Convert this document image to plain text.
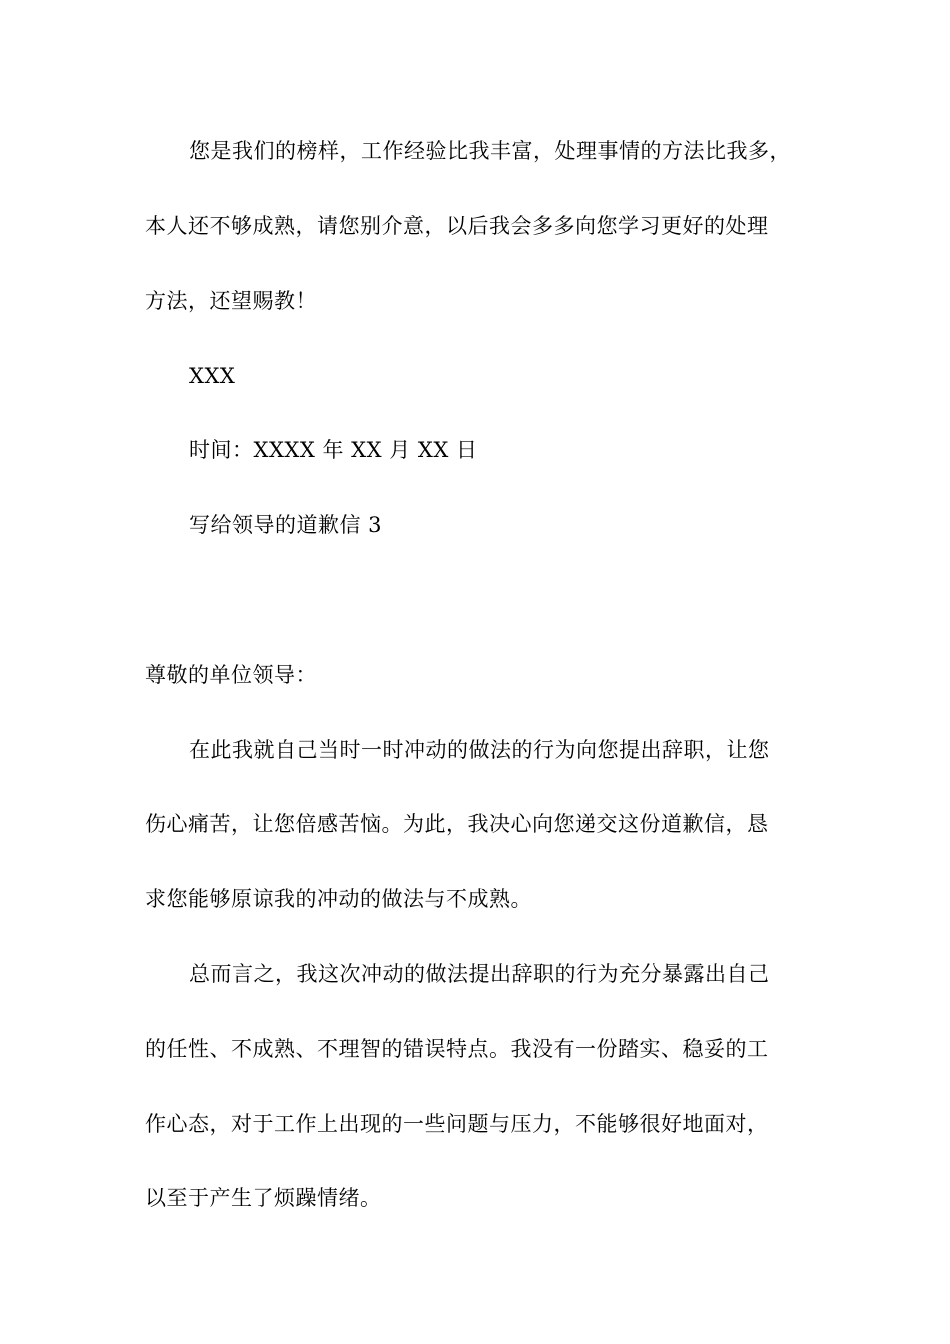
您是我们的榜样，工作经验比我丰富，处理事情的方法比我多，
本人还不够成熟，请您别介意，以后我会多多向您学习更好的处理
方法，还望赐教！
XXX
时间：XXXX 年 XX 月 XX 日
写给领导的道歉信 3
尊敬的单位领导：
在此我就自己当时一时冲动的做法的行为向您提出辞职，让您
伤心痛苦，让您倍感苦恼。为此，我决心向您递交这份道歉信，恳
求您能够原谅我的冲动的做法与不成熟。
总而言之，我这次冲动的做法提出辞职的行为充分暴露出自己
的任性、不成熟、不理智的错误特点。我没有一份踏实、稳妥的工
作心态，对于工作上出现的一些问题与压力，不能够很好地面对，
以至于产生了烦躁情绪。
